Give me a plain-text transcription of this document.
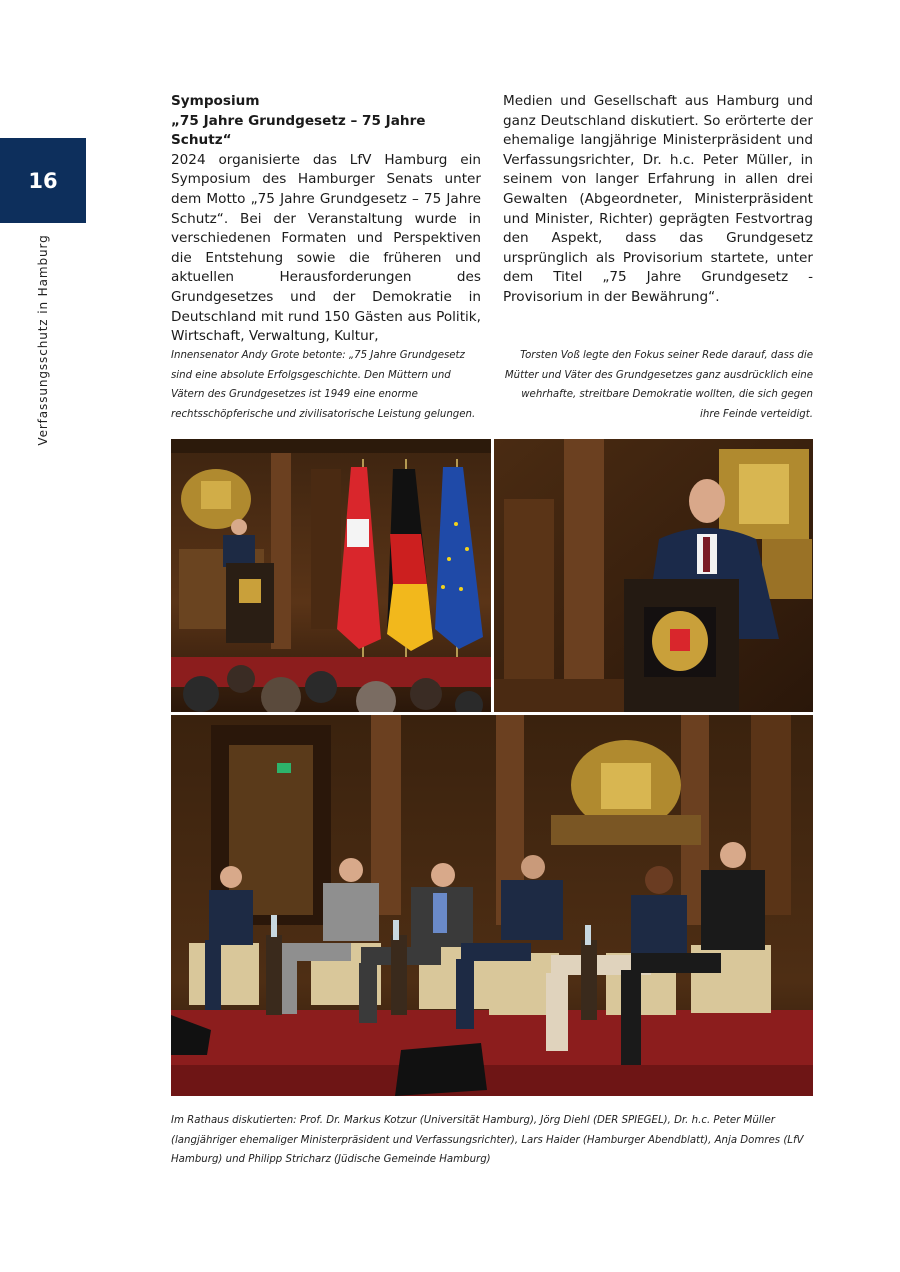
16
Verfassungsschutz in Hamburg
Symposium
„75 Jahre Grundgesetz – 75 Jahre Schutz“
2024 organisierte das LfV Hamburg ein Symposium des Hamburger Senats unter dem Motto „75 Jahre Grundgesetz – 75 Jahre Schutz“. Bei der Veranstaltung wurde in verschiedenen Formaten und Perspektiven die Entstehung sowie die früheren und aktuellen Herausforderungen des Grundgesetzes und der Demokratie in Deutschland mit rund 150 Gästen aus Politik, Wirtschaft, Verwaltung, Kultur,
Medien und Gesellschaft aus Hamburg und ganz Deutschland diskutiert. So erörterte der ehemalige langjährige Ministerpräsident und Verfassungsrichter, Dr. h.c. Peter Müller, in seinem von langer Erfahrung in allen drei Gewalten (Abgeordneter, Ministerpräsident und Minister, Richter) geprägten Festvortrag den Aspekt, dass das Grundgesetz ursprünglich als Provisorium startete, unter dem Titel „75 Jahre Grundgesetz - Provisorium in der Bewährung“.
Innensenator Andy Grote betonte: „75 Jahre Grundgesetz sind eine absolute Erfolgsgeschichte. Den Müttern und Vätern des Grundgesetzes ist 1949 eine enorme rechtsschöpferische und zivilisatorische Leistung gelungen.
Torsten Voß legte den Fokus seiner Rede darauf, dass die Mütter und Väter des Grundgesetzes ganz ausdrücklich eine wehrhafte, streitbare Demokratie wollten, die sich gegen ihre Feinde verteidigt.
Im Rathaus diskutierten: Prof. Dr. Markus Kotzur (Universität Hamburg), Jörg Diehl (DER SPIEGEL), Dr. h.c. Peter Müller (langjähriger ehemaliger Ministerpräsident und Verfassungsrichter), Lars Haider (Hamburger Abendblatt), Anja Domres (LfV Hamburg) und Philipp Stricharz (Jüdische Gemeinde Hamburg)
